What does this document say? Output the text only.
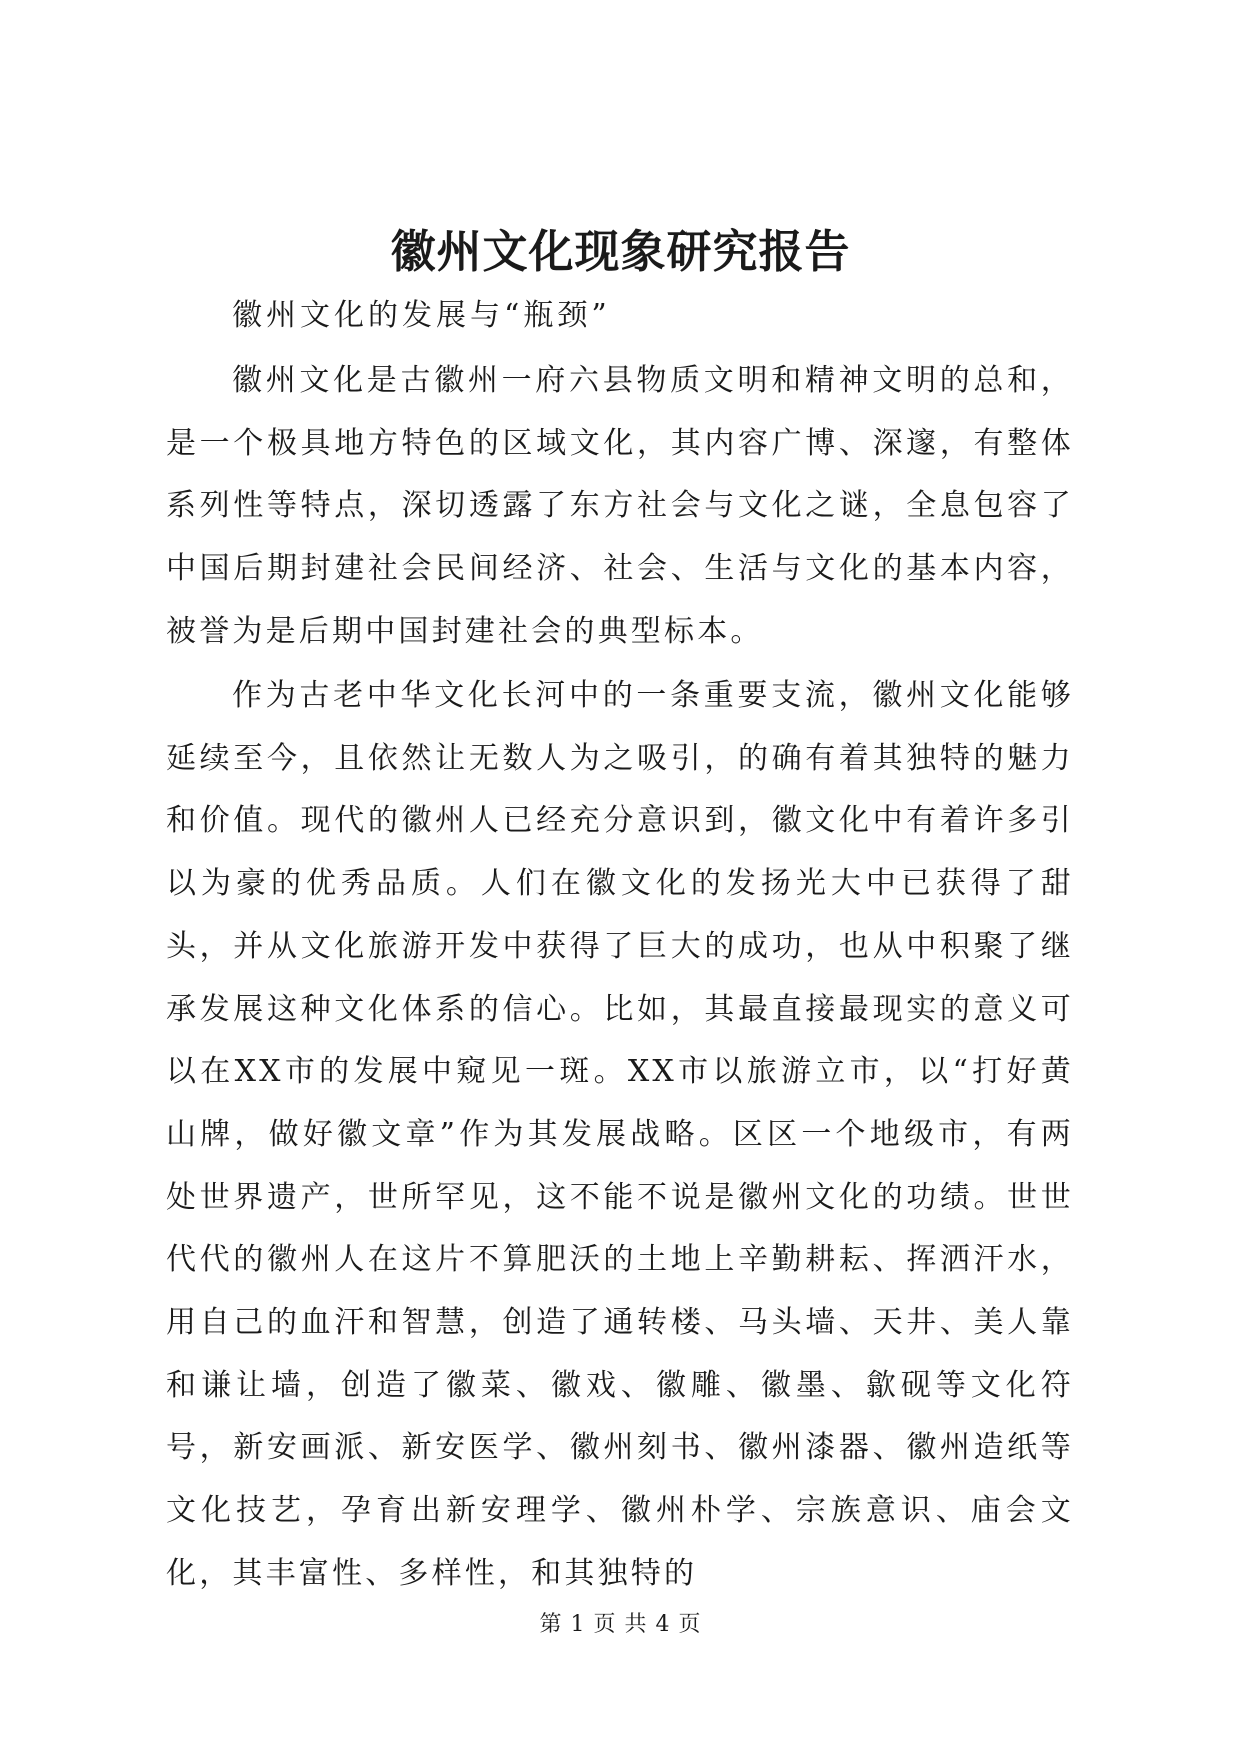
徽州文化现象研究报告
徽州文化的发展与“瓶颈”
徽州文化是古徽州一府六县物质文明和精神文明的总和，是一个极具地方特色的区域文化，其内容广博、深邃，有整体系列性等特点，深切透露了东方社会与文化之谜，全息包容了中国后期封建社会民间经济、社会、生活与文化的基本内容，被誉为是后期中国封建社会的典型标本。
作为古老中华文化长河中的一条重要支流，徽州文化能够延续至今，且依然让无数人为之吸引，的确有着其独特的魅力和价值。现代的徽州人已经充分意识到，徽文化中有着许多引以为豪的优秀品质。人们在徽文化的发扬光大中已获得了甜头，并从文化旅游开发中获得了巨大的成功，也从中积聚了继承发展这种文化体系的信心。比如，其最直接最现实的意义可以在XX市的发展中窥见一斑。XX市以旅游立市，以“打好黄山牌，做好徽文章”作为其发展战略。区区一个地级市，有两处世界遗产，世所罕见，这不能不说是徽州文化的功绩。世世代代的徽州人在这片不算肥沃的土地上辛勤耕耘、挥洒汗水，用自己的血汗和智慧，创造了通转楼、马头墙、天井、美人靠和谦让墙，创造了徽菜、徽戏、徽雕、徽墨、歙砚等文化符号，新安画派、新安医学、徽州刻书、徽州漆器、徽州造纸等文化技艺，孕育出新安理学、徽州朴学、宗族意识、庙会文化，其丰富性、多样性，和其独特的
第 1 页 共 4 页
